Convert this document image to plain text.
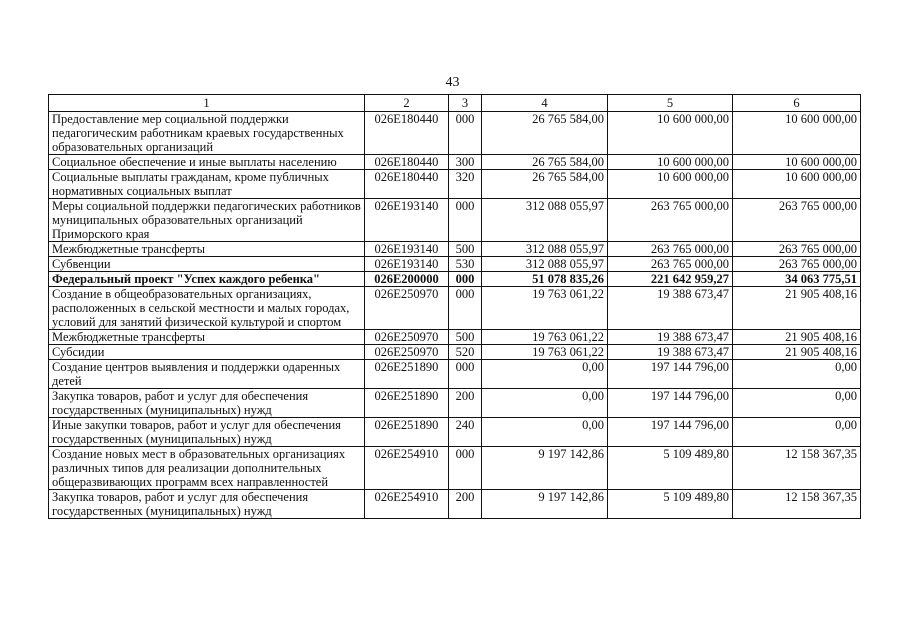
43
1	2	3	4	5	6
Предоставление мер социальной поддержки педагогическим работникам краевых государственных образовательных организаций	026E180440	000	26 765 584,00	10 600 000,00	10 600 000,00
Социальное обеспечение и иные выплаты населению	026E180440	300	26 765 584,00	10 600 000,00	10 600 000,00
Социальные выплаты гражданам, кроме публичных нормативных социальных выплат	026E180440	320	26 765 584,00	10 600 000,00	10 600 000,00
Меры социальной поддержки педагогических работников муниципальных образовательных организаций Приморского края	026E193140	000	312 088 055,97	263 765 000,00	263 765 000,00
Межбюджетные трансферты	026E193140	500	312 088 055,97	263 765 000,00	263 765 000,00
Субвенции	026E193140	530	312 088 055,97	263 765 000,00	263 765 000,00
Федеральный проект "Успех каждого ребенка"	026E200000	000	51 078 835,26	221 642 959,27	34 063 775,51
Создание в общеобразовательных организациях, расположенных в сельской местности и малых городах, условий для занятий физической культурой и спортом	026E250970	000	19 763 061,22	19 388 673,47	21 905 408,16
Межбюджетные трансферты	026E250970	500	19 763 061,22	19 388 673,47	21 905 408,16
Субсидии	026E250970	520	19 763 061,22	19 388 673,47	21 905 408,16
Создание центров выявления и поддержки одаренных детей	026E251890	000	0,00	197 144 796,00	0,00
Закупка товаров, работ и услуг для обеспечения государственных (муниципальных) нужд	026E251890	200	0,00	197 144 796,00	0,00
Иные закупки товаров, работ и услуг для обеспечения государственных (муниципальных) нужд	026E251890	240	0,00	197 144 796,00	0,00
Создание новых мест в образовательных организациях различных типов для реализации дополнительных общеразвивающих программ всех направленностей	026E254910	000	9 197 142,86	5 109 489,80	12 158 367,35
Закупка товаров, работ и услуг для обеспечения государственных (муниципальных) нужд	026E254910	200	9 197 142,86	5 109 489,80	12 158 367,35
